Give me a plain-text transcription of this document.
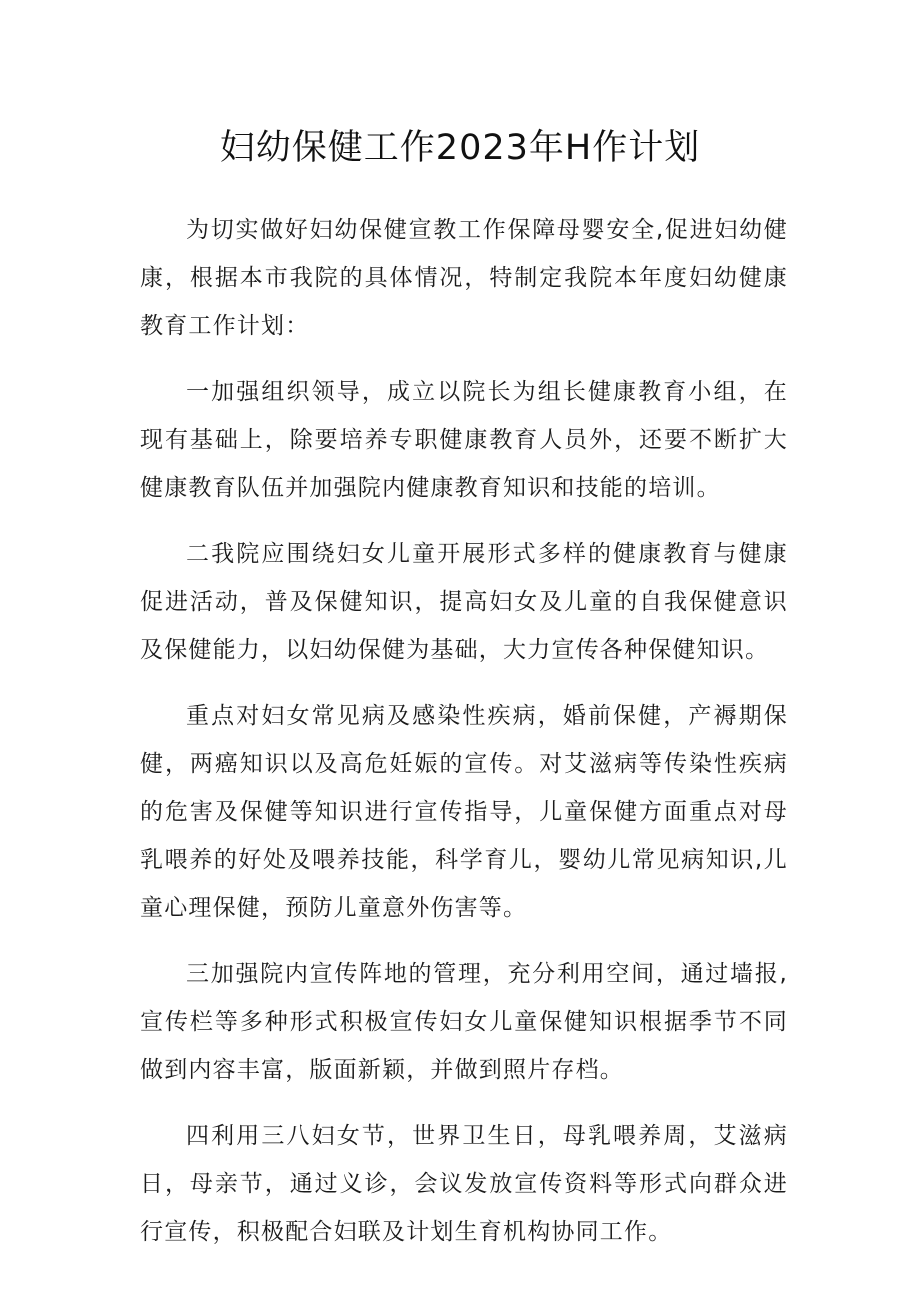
妇幼保健工作2023年H作计划

为切实做好妇幼保健宣教工作保障母婴安全,促进妇幼健康，根据本市我院的具体情况，特制定我院本年度妇幼健康教育工作计划：

一加强组织领导，成立以院长为组长健康教育小组，在现有基础上，除要培养专职健康教育人员外，还要不断扩大健康教育队伍并加强院内健康教育知识和技能的培训。

二我院应围绕妇女儿童开展形式多样的健康教育与健康促进活动，普及保健知识，提高妇女及儿童的自我保健意识及保健能力，以妇幼保健为基础，大力宣传各种保健知识。

重点对妇女常见病及感染性疾病，婚前保健，产褥期保健，两癌知识以及高危妊娠的宣传。对艾滋病等传染性疾病的危害及保健等知识进行宣传指导，儿童保健方面重点对母乳喂养的好处及喂养技能，科学育儿，婴幼儿常见病知识,儿童心理保健，预防儿童意外伤害等。

三加强院内宣传阵地的管理，充分利用空间，通过墙报,宣传栏等多种形式积极宣传妇女儿童保健知识根据季节不同做到内容丰富，版面新颖，并做到照片存档。

四利用三八妇女节，世界卫生日，母乳喂养周，艾滋病日，母亲节，通过义诊，会议发放宣传资料等形式向群众进行宣传，积极配合妇联及计划生育机构协同工作。
